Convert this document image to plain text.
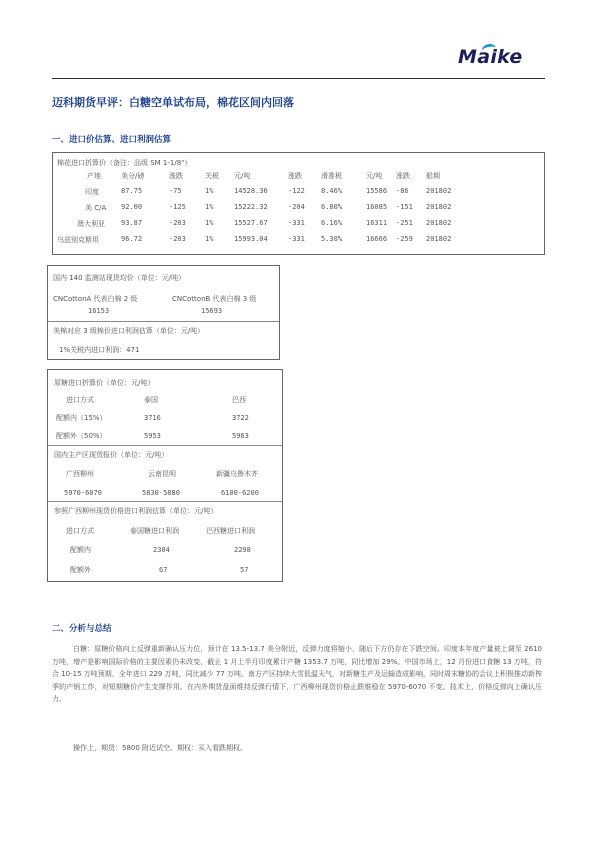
Maike
迈科期货早评：白糖空单试布局，棉花区间内回落
一、进口价估算、进口利润估算
棉花进口折算价（备注：品级 SM 1-1/8"）
产地	美分/磅	涨跌	关税 元/吨	涨跌	滑准税	元/吨 涨跌 船期
印度	87.75	-75	1%	14528.36	-122 8.46%	15586 -86 201802
美 C/A 92.00	-125	1%	15222.32	-204 6.80%	16085 -151 201802
澳大利亚 93.87	-203	1%	15527.67	-331 6.16%	16311 -251 201802
乌兹别克斯坦	96.72	-203	1%	15993.04	-331 5.30%	16666 -259 201802
国内 140 监测站现货均价（单位：元/吨）
CNCottonA 代表白棉 2 级	CNCottonB 代表白棉 3 级
16153	15693
美棉对应 3 级棉价进口利润估算（单位：元/吨）
1%关税内进口利润：471
原糖进口折算价（单位：元/吨）
进口方式	泰国	巴西
配额内（15%）	3716	3722
配额外（50%）	5953	5963
国内主产区现货报价（单位：元/吨）
广西柳州	云南昆明	新疆乌鲁木齐
5970-6070	5830-5880	6100-6200
参照广西柳州现货价格进口利润估算（单位：元/吨）
进口方式	泰国糖进口利润	巴西糖进口利润
配额内	2304	2298
配额外	67	57
二、分析与总结
白糖：原糖价格向上反弹重新确认压力位，预计在 13.5-13.7 美分附近，反弹力度将缩小，随后下方仍存在下跌空间。印度本年度产量被上调至 2610 万吨，增产是影响国际价格的主要因素仍未改变，截止 1 月上半月印度累计产糖 1353.7 万吨，同比增加 29%。中国市场上，12 月份进口食糖 13 万吨，符合 10-15 万吨预期，全年进口 229 万吨，同比减少 77 万吨。南方产区持续大雪低温天气，对新糖生产及运输造成影响，同时周末糖协的会议上积极推动新榨季的产销工作，对短期糖价产生支撑作用。在内外期货盘面维持反弹行情下，广西柳州现货价格止跌维稳在 5970-6070 不变。技术上，价格反弹向上确认压力。
操作上，期货：5800 附近试空。期权：买入看跌期权。
